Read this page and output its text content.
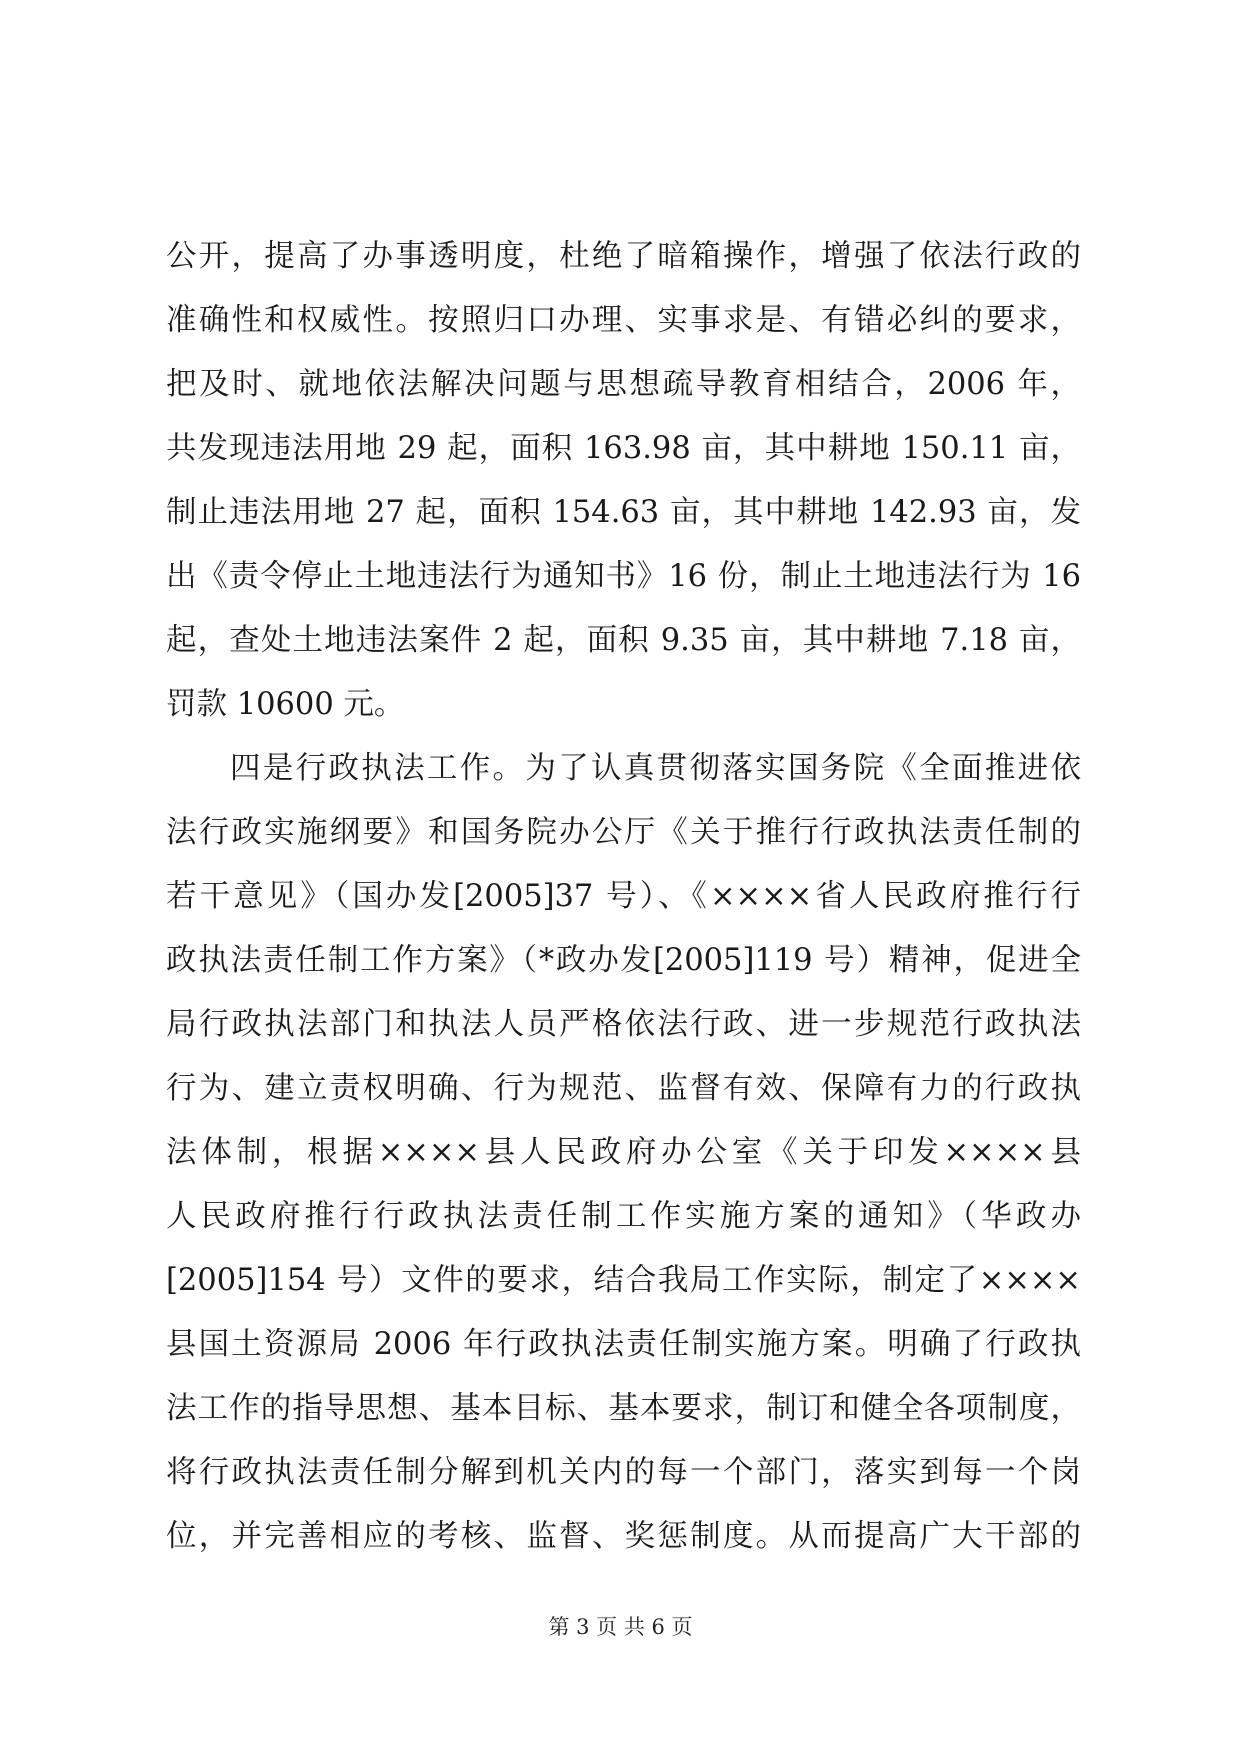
公开，提高了办事透明度，杜绝了暗箱操作，增强了依法行政的
准确性和权威性。按照归口办理、实事求是、有错必纠的要求，
把及时、就地依法解决问题与思想疏导教育相结合，2006 年，
共发现违法用地 29 起，面积 163.98 亩，其中耕地 150.11 亩，
制止违法用地 27 起，面积 154.63 亩，其中耕地 142.93 亩，发
出《责令停止土地违法行为通知书》16 份，制止土地违法行为 16
起，查处土地违法案件 2 起，面积 9.35 亩，其中耕地 7.18 亩，
罚款 10600 元。
四是行政执法工作。为了认真贯彻落实国务院《全面推进依
法行政实施纲要》和国务院办公厅《关于推行行政执法责任制的
若干意见》（国办发[2005]37 号）、《××××省人民政府推行行
政执法责任制工作方案》（*政办发[2005]119 号）精神，促进全
局行政执法部门和执法人员严格依法行政、进一步规范行政执法
行为、建立责权明确、行为规范、监督有效、保障有力的行政执
法体制，根据××××县人民政府办公室《关于印发××××县
人民政府推行行政执法责任制工作实施方案的通知》（华政办
[2005]154 号）文件的要求，结合我局工作实际，制定了××××
县国土资源局 2006 年行政执法责任制实施方案。明确了行政执
法工作的指导思想、基本目标、基本要求，制订和健全各项制度，
将行政执法责任制分解到机关内的每一个部门，落实到每一个岗
位，并完善相应的考核、监督、奖惩制度。从而提高广大干部的
第 3 页 共 6 页
